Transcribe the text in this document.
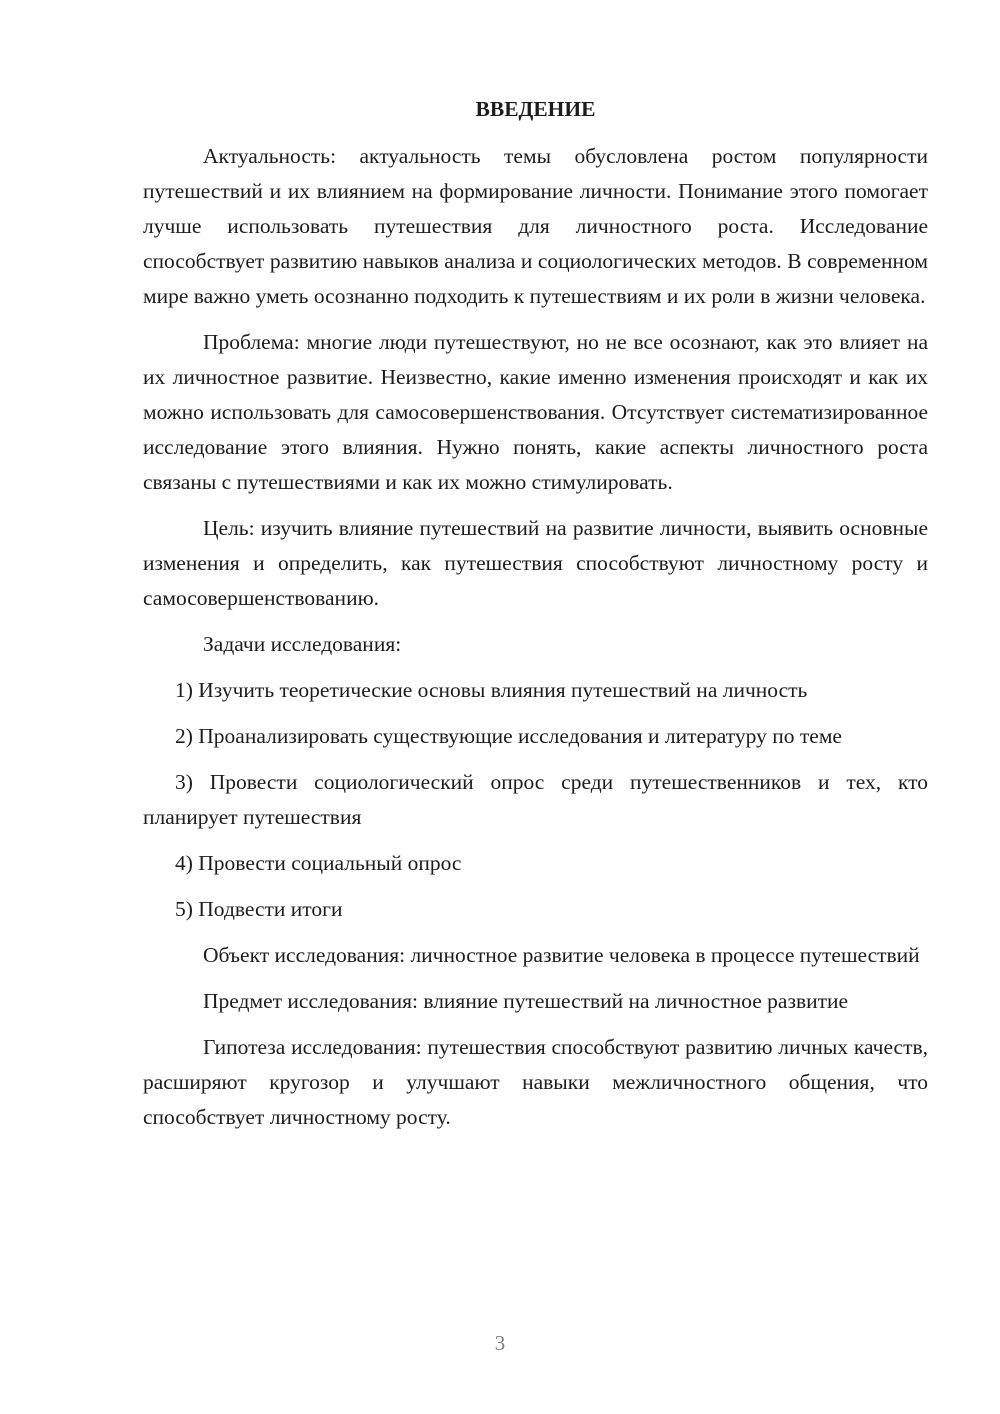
ВВЕДЕНИЕ

Актуальность: актуальность темы обусловлена ростом популярности путешествий и их влиянием на формирование личности. Понимание этого помогает лучше использовать путешествия для личностного роста. Исследование способствует развитию навыков анализа и социологических методов. В современном мире важно уметь осознанно подходить к путешествиям и их роли в жизни человека.

Проблема: многие люди путешествуют, но не все осознают, как это влияет на их личностное развитие. Неизвестно, какие именно изменения происходят и как их можно использовать для самосовершенствования. Отсутствует систематизированное исследование этого влияния. Нужно понять, какие аспекты личностного роста связаны с путешествиями и как их можно стимулировать.

Цель: изучить влияние путешествий на развитие личности, выявить основные изменения и определить, как путешествия способствуют личностному росту и самосовершенствованию.

Задачи исследования:

1) Изучить теоретические основы влияния путешествий на личность

2) Проанализировать существующие исследования и литературу по теме

3) Провести социологический опрос среди путешественников и тех, кто планирует путешествия

4) Провести социальный опрос

5) Подвести итоги

Объект исследования: личностное развитие человека в процессе путешествий

Предмет исследования: влияние путешествий на личностное развитие

Гипотеза исследования: путешествия способствуют развитию личных качеств, расширяют кругозор и улучшают навыки межличностного общения, что способствует личностному росту.

3
